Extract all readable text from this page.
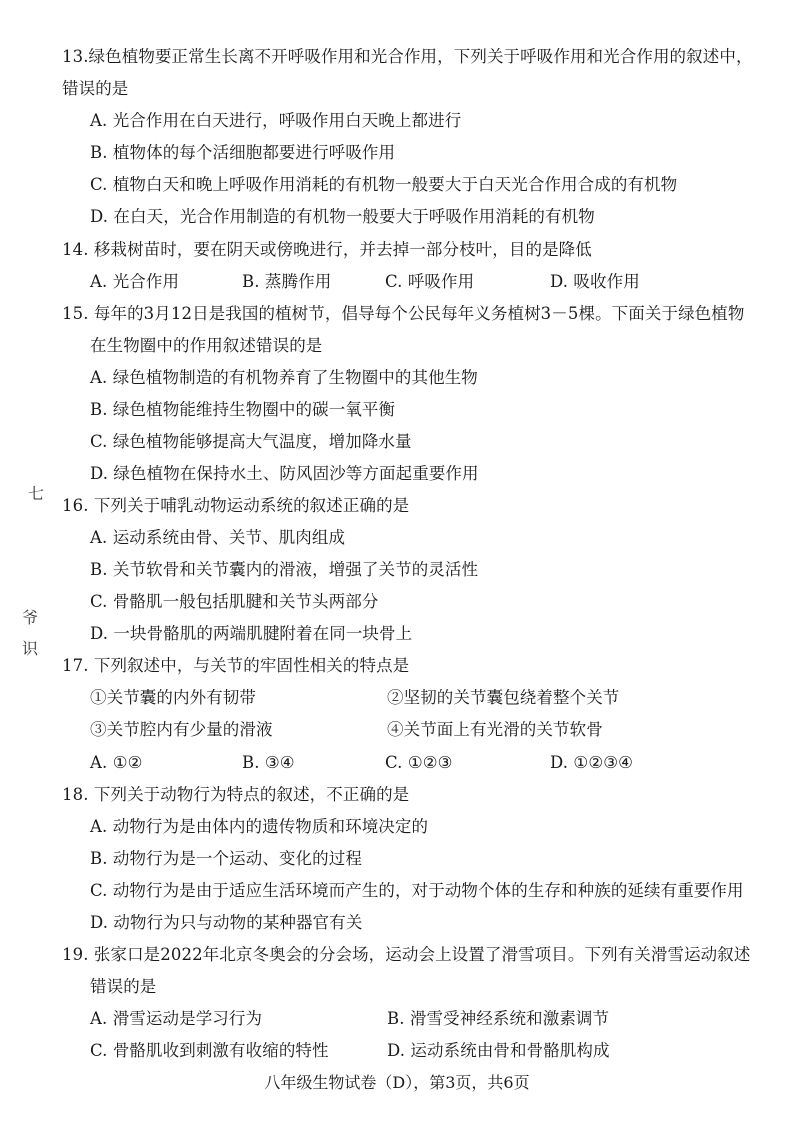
13.绿色植物要正常生长离不开呼吸作用和光合作用，下列关于呼吸作用和光合作用的叙述中，
错误的是
A. 光合作用在白天进行，呼吸作用白天晚上都进行
B. 植物体的每个活细胞都要进行呼吸作用
C. 植物白天和晚上呼吸作用消耗的有机物一般要大于白天光合作用合成的有机物
D. 在白天，光合作用制造的有机物一般要大于呼吸作用消耗的有机物
14. 移栽树苗时，要在阴天或傍晚进行，并去掉一部分枝叶，目的是降低
A. 光合作用	B. 蒸腾作用	C. 呼吸作用	D. 吸收作用
15. 每年的3月12日是我国的植树节，倡导每个公民每年义务植树3－5棵。下面关于绿色植物
在生物圈中的作用叙述错误的是
A. 绿色植物制造的有机物养育了生物圈中的其他生物
B. 绿色植物能维持生物圈中的碳一氧平衡
C. 绿色植物能够提高大气温度，增加降水量
D. 绿色植物在保持水土、防风固沙等方面起重要作用
16. 下列关于哺乳动物运动系统的叙述正确的是
A. 运动系统由骨、关节、肌肉组成
B. 关节软骨和关节囊内的滑液，增强了关节的灵活性
C. 骨骼肌一般包括肌腱和关节头两部分
D. 一块骨骼肌的两端肌腱附着在同一块骨上
17. 下列叙述中，与关节的牢固性相关的特点是
①关节囊的内外有韧带	②坚韧的关节囊包绕着整个关节
③关节腔内有少量的滑液	④关节面上有光滑的关节软骨
A. ①②	B. ③④	C. ①②③	D. ①②③④
18. 下列关于动物行为特点的叙述，不正确的是
A. 动物行为是由体内的遗传物质和环境决定的
B. 动物行为是一个运动、变化的过程
C. 动物行为是由于适应生活环境而产生的，对于动物个体的生存和种族的延续有重要作用
D. 动物行为只与动物的某种器官有关
19. 张家口是2022年北京冬奥会的分会场，运动会上设置了滑雪项目。下列有关滑雪运动叙述
错误的是
A. 滑雪运动是学习行为	B. 滑雪受神经系统和激素调节
C. 骨骼肌收到刺激有收缩的特性	D. 运动系统由骨和骨骼肌构成
七
爷
识
八年级生物试卷（D），第3页，共6页
